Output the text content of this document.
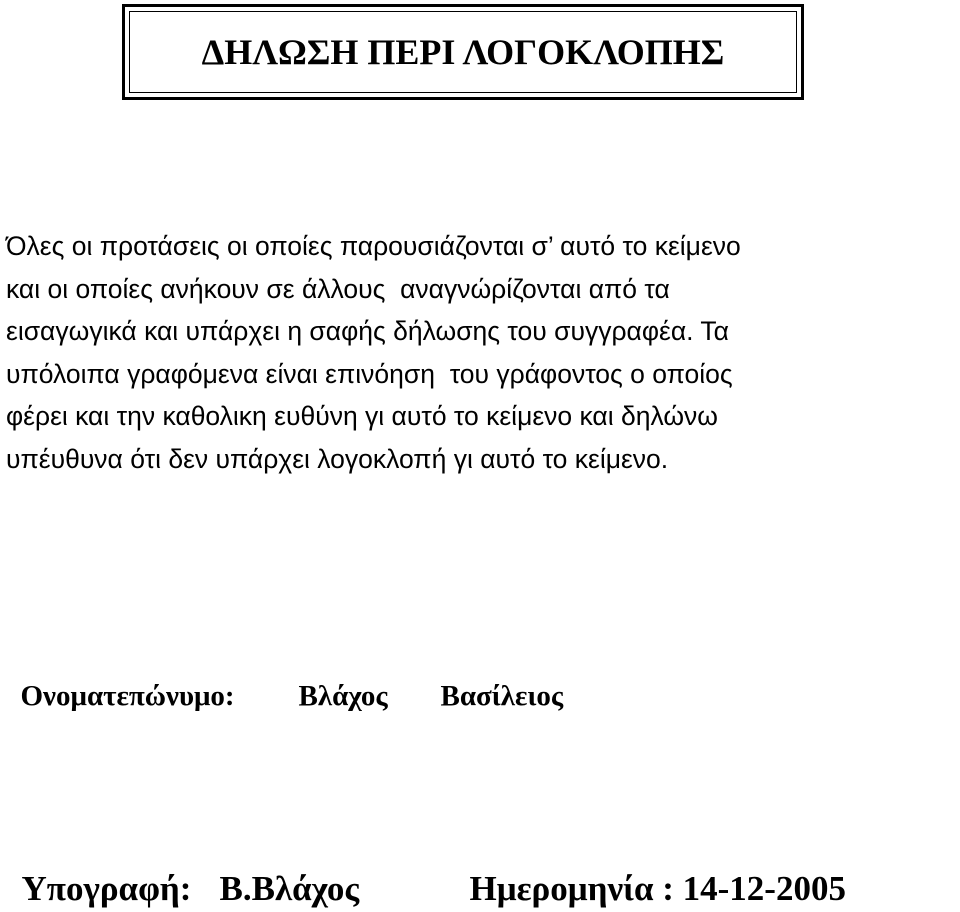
ΔΗΛΩΣΗ ΠΕΡΙ ΛΟΓΟΚΛΟΠΗΣ
Όλες οι προτάσεις οι οποίες παρουσιάζονται σ’ αυτό το κείμενο
και οι οποίες ανήκουν σε άλλους  αναγνώρίζονται από τα
εισαγωγικά και υπάρχει η σαφής δήλωσης του συγγραφέα. Τα
υπόλοιπα γραφόμενα είναι επινόηση  του γράφοντος ο οποίος
φέρει και την καθολικη ευθύνη γι αυτό το κείμενο και δηλώνω
υπέυθυνα ότι δεν υπάρχει λογοκλοπή γι αυτό το κείμενο.

Ονοματεπώνυμο: Βλάχος Βασίλειος

Υπογραφή: Β.Βλάχος	Ημερομηνία : 14-12-2005
